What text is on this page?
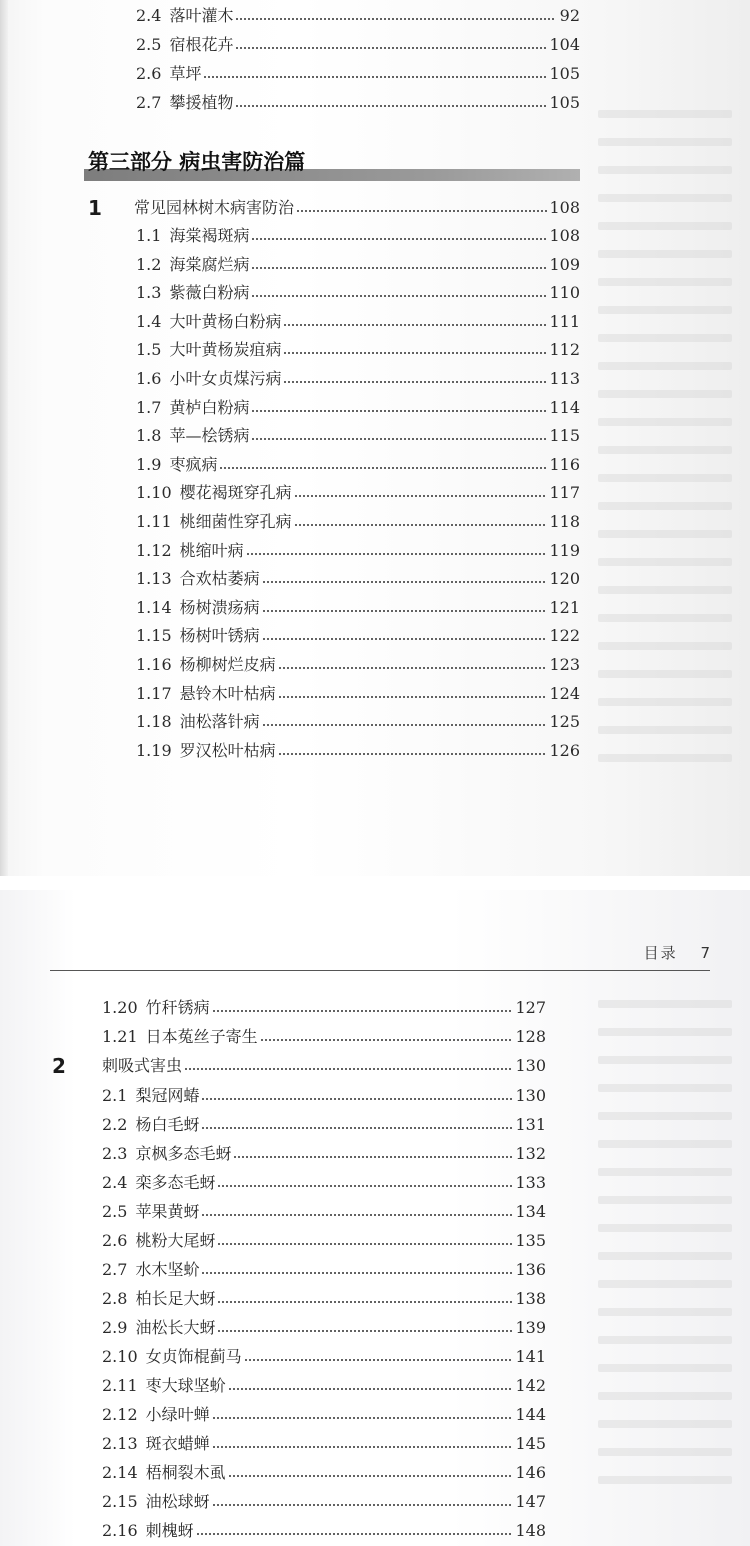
第三部分 病虫害防治篇
2.4 落叶灌木	92
2.5 宿根花卉	104
2.6 草坪	105
2.7 攀援植物	105
1 常见园林树木病害防治	108
1.1 海棠褐斑病	108
1.2 海棠腐烂病	109
1.3 紫薇白粉病	110
1.4 大叶黄杨白粉病	111
1.5 大叶黄杨炭疽病	112
1.6 小叶女贞煤污病	113
1.7 黄栌白粉病	114
1.8 苹—桧锈病	115
1.9 枣疯病	116
1.10 樱花褐斑穿孔病	117
1.11 桃细菌性穿孔病	118
1.12 桃缩叶病	119
1.13 合欢枯萎病	120
1.14 杨树溃疡病	121
1.15 杨树叶锈病	122
1.16 杨柳树烂皮病	123
1.17 悬铃木叶枯病	124
1.18 油松落针病	125
1.19 罗汉松叶枯病	126
目录 7
1.20 竹秆锈病	127
1.21 日本菟丝子寄生	128
2 刺吸式害虫	130
2.1 梨冠网蝽	130
2.2 杨白毛蚜	131
2.3 京枫多态毛蚜	132
2.4 栾多态毛蚜	133
2.5 苹果黄蚜	134
2.6 桃粉大尾蚜	135
2.7 水木坚蚧	136
2.8 柏长足大蚜	138
2.9 油松长大蚜	139
2.10 女贞饰棍蓟马	141
2.11 枣大球坚蚧	142
2.12 小绿叶蝉	144
2.13 斑衣蜡蝉	145
2.14 梧桐裂木虱	146
2.15 油松球蚜	147
2.16 刺槐蚜	148
